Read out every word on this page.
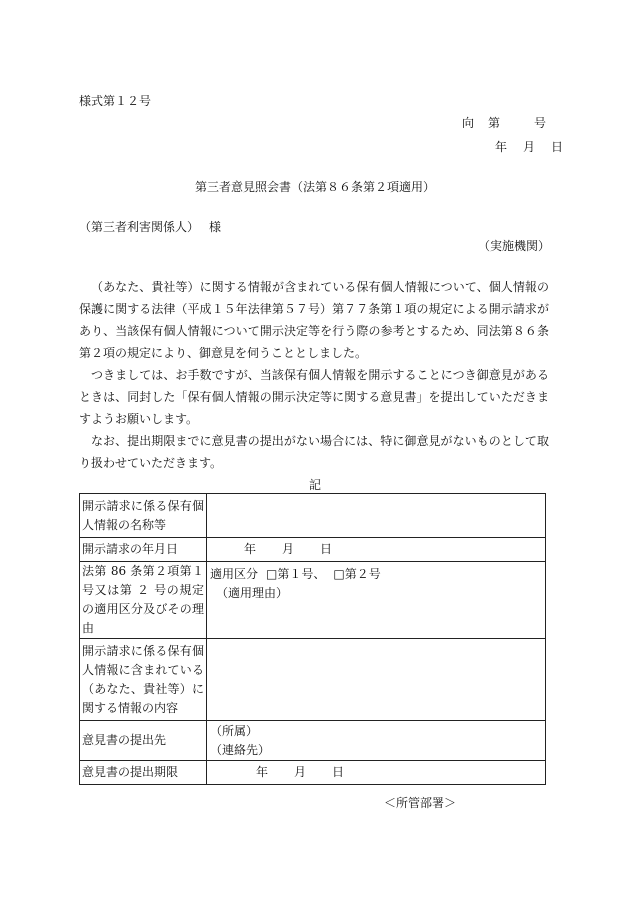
様式第１２号
向 第	号
年 月 日
第三者意見照会書（法第８６条第２項適用）
（第三者利害関係人） 様
（実施機関）

（あなた、貴社等）に関する情報が含まれている保有個人情報について、個人情報の保護に関する法律（平成１５年法律第５７号）第７７条第１項の規定による開示請求があり、当該保有個人情報について開示決定等を行う際の参考とするため、同法第８６条第２項の規定により、御意見を伺うこととしました。

つきましては、お手数ですが、当該保有個人情報を開示することにつき御意見があるときは、同封した「保有個人情報の開示決定等に関する意見書」を提出していただきますようお願いします。

なお、提出期限までに意見書の提出がない場合には、特に御意見がないものとして取り扱わせていただきます。

記
開示請求に係る保有個人情報の名称等	
開示請求の年月日	年 月 日
法第 86 条第２項第１号又は第 ２ 号の規定の適用区分及びその理由	適用区分 □第１号、 □第２号
（適用理由）

開示請求に係る保有個人情報に含まれている（あなた、貴社等）に関する情報の内容	
意見書の提出先	（所属）
（連絡先）

意見書の提出期限	年 月 日
＜所管部署＞
